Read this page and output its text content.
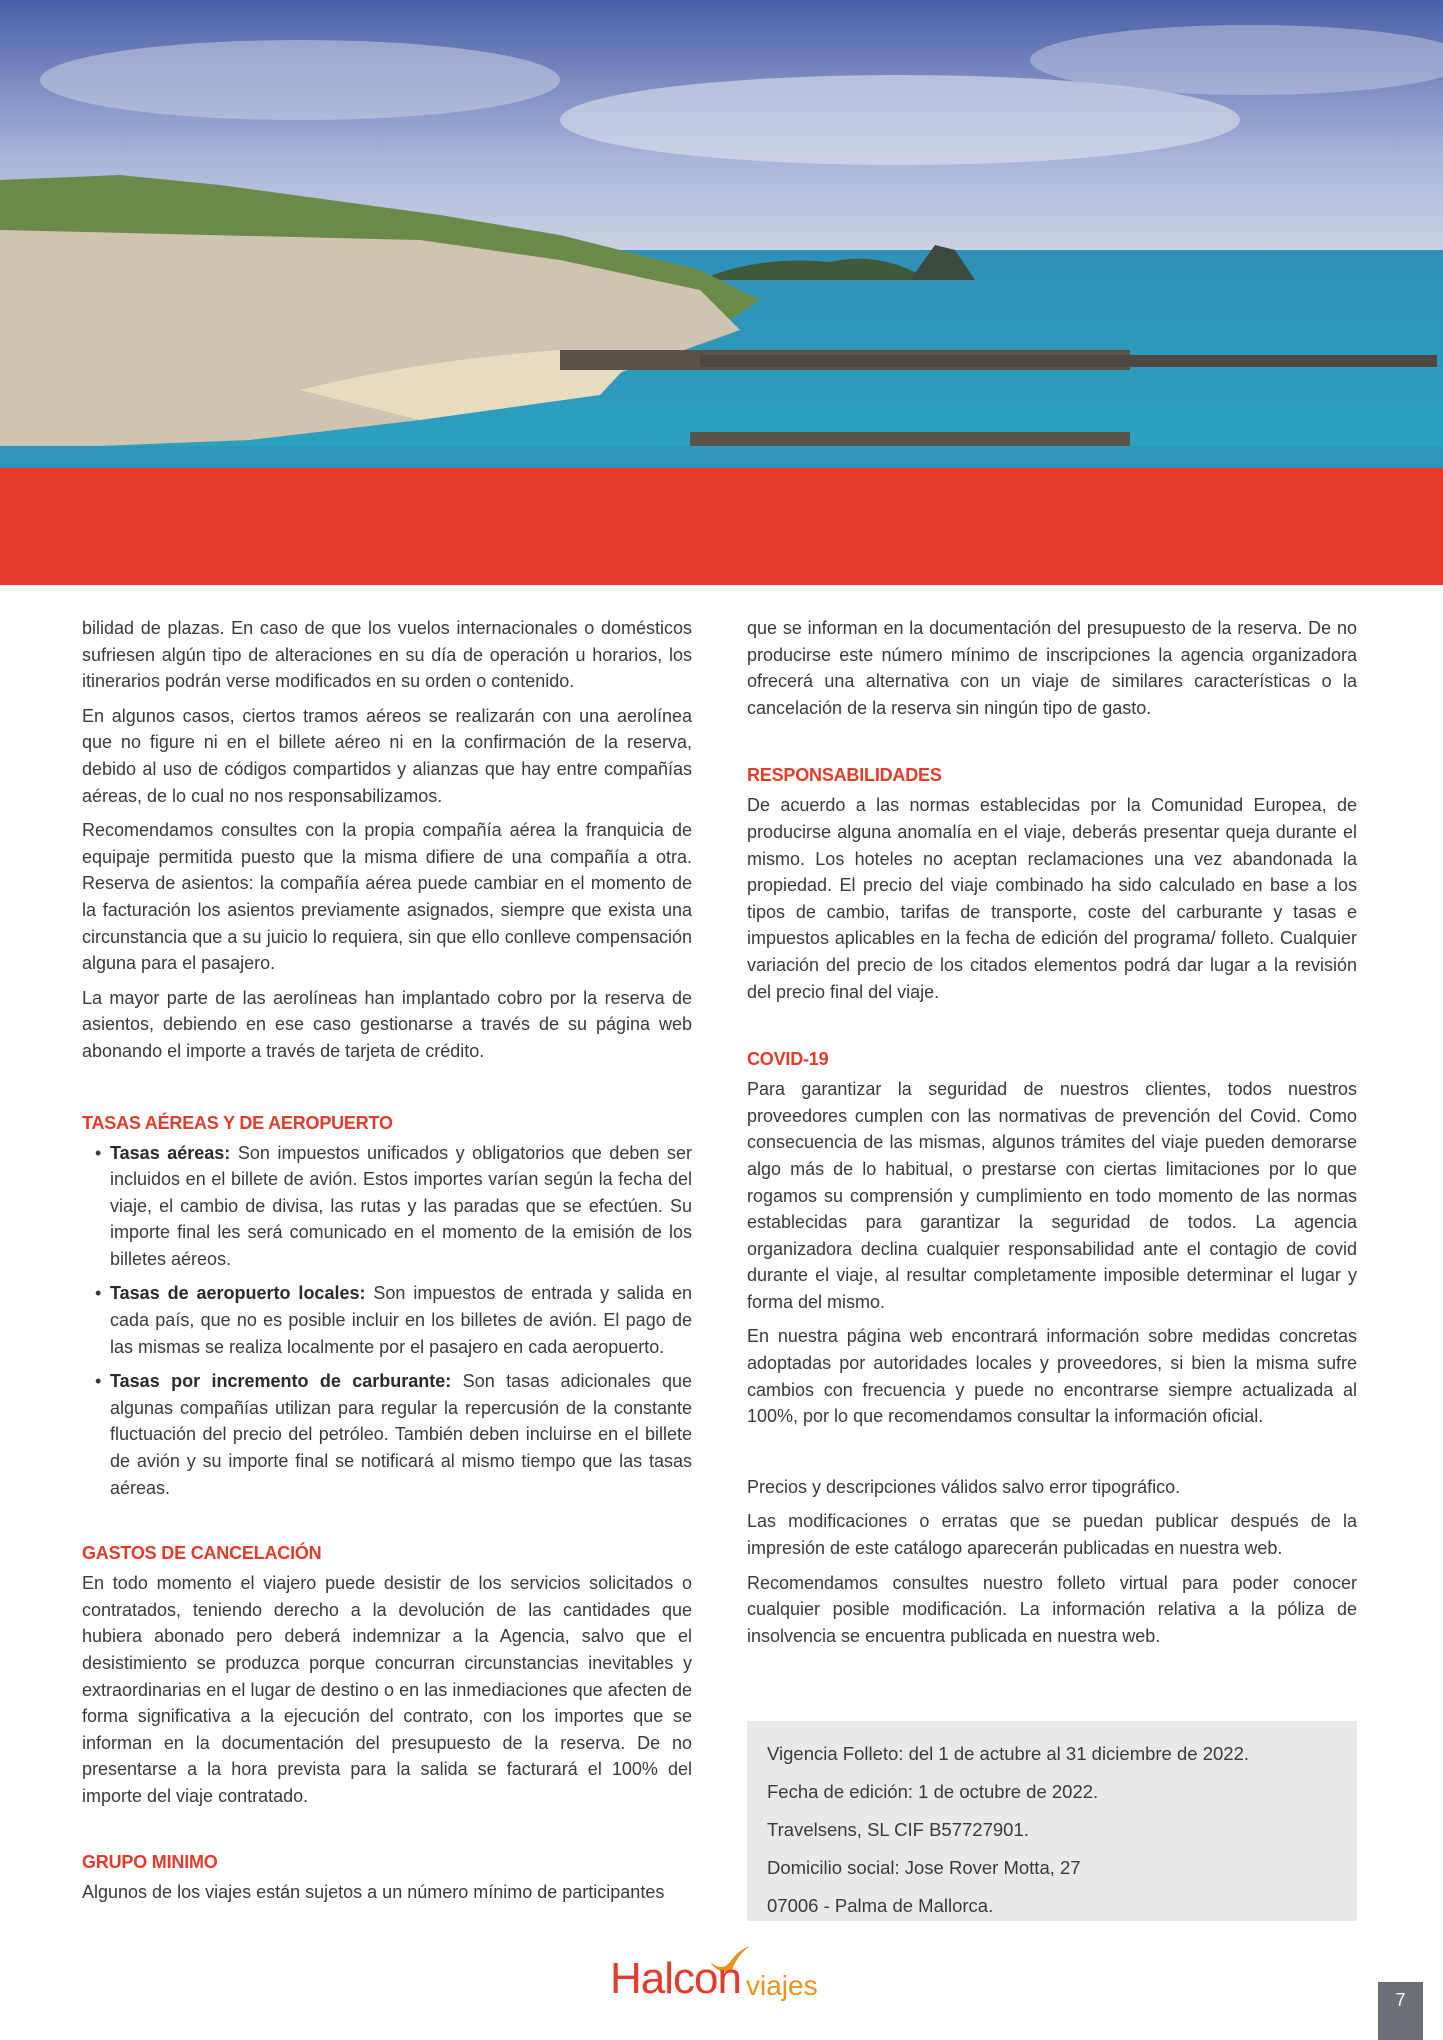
bilidad de plazas. En caso de que los vuelos internacionales o domésticos sufriesen algún tipo de alteraciones en su día de operación u horarios, los itinerarios podrán verse modificados en su orden o contenido.

En algunos casos, ciertos tramos aéreos se realizarán con una aerolínea que no figure ni en el billete aéreo ni en la confirmación de la reserva, debido al uso de códigos compartidos y alianzas que hay entre compañías aéreas, de lo cual no nos responsabilizamos.

Recomendamos consultes con la propia compañía aérea la franquicia de equipaje permitida puesto que la misma difiere de una compañía a otra. Reserva de asientos: la compañía aérea puede cambiar en el momento de la facturación los asientos previamente asignados, siempre que exista una circunstancia que a su juicio lo requiera, sin que ello conlleve compensación alguna para el pasajero.

La mayor parte de las aerolíneas han implantado cobro por la reserva de asientos, debiendo en ese caso gestionarse a través de su página web abonando el importe a través de tarjeta de crédito.

TASAS AÉREAS Y DE AEROPUERTO
• Tasas aéreas: Son impuestos unificados y obligatorios que deben ser incluidos en el billete de avión. Estos importes varían según la fecha del viaje, el cambio de divisa, las rutas y las paradas que se efectúen. Su importe final les será comunicado en el momento de la emisión de los billetes aéreos.
• Tasas de aeropuerto locales: Son impuestos de entrada y salida en cada país, que no es posible incluir en los billetes de avión. El pago de las mismas se realiza localmente por el pasajero en cada aeropuerto.
• Tasas por incremento de carburante: Son tasas adicionales que algunas compañías utilizan para regular la repercusión de la constante fluctuación del precio del petróleo. También deben incluirse en el billete de avión y su importe final se notificará al mismo tiempo que las tasas aéreas.
GASTOS DE CANCELACIÓN

En todo momento el viajero puede desistir de los servicios solicitados o contratados, teniendo derecho a la devolución de las cantidades que hubiera abonado pero deberá indemnizar a la Agencia, salvo que el desistimiento se produzca porque concurran circunstancias inevitables y extraordinarias en el lugar de destino o en las inmediaciones que afecten de forma significativa a la ejecución del contrato, con los importes que se informan en la documentación del presupuesto de la reserva. De no presentarse a la hora prevista para la salida se facturará el 100% del importe del viaje contratado.

GRUPO MINIMO

Algunos de los viajes están sujetos a un número mínimo de participantes

que se informan en la documentación del presupuesto de la reserva. De no producirse este número mínimo de inscripciones la agencia organizadora ofrecerá una alternativa con un viaje de similares características o la cancelación de la reserva sin ningún tipo de gasto.

RESPONSABILIDADES

De acuerdo a las normas establecidas por la Comunidad Europea, de producirse alguna anomalía en el viaje, deberás presentar queja durante el mismo. Los hoteles no aceptan reclamaciones una vez abandonada la propiedad. El precio del viaje combinado ha sido calculado en base a los tipos de cambio, tarifas de transporte, coste del carburante y tasas e impuestos aplicables en la fecha de edición del programa/ folleto. Cualquier variación del precio de los citados elementos podrá dar lugar a la revisión del precio final del viaje.

COVID-19

Para garantizar la seguridad de nuestros clientes, todos nuestros proveedores cumplen con las normativas de prevención del Covid. Como consecuencia de las mismas, algunos trámites del viaje pueden demorarse algo más de lo habitual, o prestarse con ciertas limitaciones por lo que rogamos su comprensión y cumplimiento en todo momento de las normas establecidas para garantizar la seguridad de todos. La agencia organizadora declina cualquier responsabilidad ante el contagio de covid durante el viaje, al resultar completamente imposible determinar el lugar y forma del mismo.

En nuestra página web encontrará información sobre medidas concretas adoptadas por autoridades locales y proveedores, si bien la misma sufre cambios con frecuencia y puede no encontrarse siempre actualizada al 100%, por lo que recomendamos consultar la información oficial.

Precios y descripciones válidos salvo error tipográfico.

Las modificaciones o erratas que se puedan publicar después de la impresión de este catálogo aparecerán publicadas en nuestra web.

Recomendamos consultes nuestro folleto virtual para poder conocer cualquier posible modificación. La información relativa a la póliza de insolvencia se encuentra publicada en nuestra web.

Vigencia Folleto: del 1 de actubre al 31 diciembre de 2022.
Fecha de edición: 1 de octubre de 2022.
Travelsens, SL CIF B57727901.
Domicilio social: Jose Rover Motta, 27
07006 - Palma de Mallorca.
Halcon viajes	7
